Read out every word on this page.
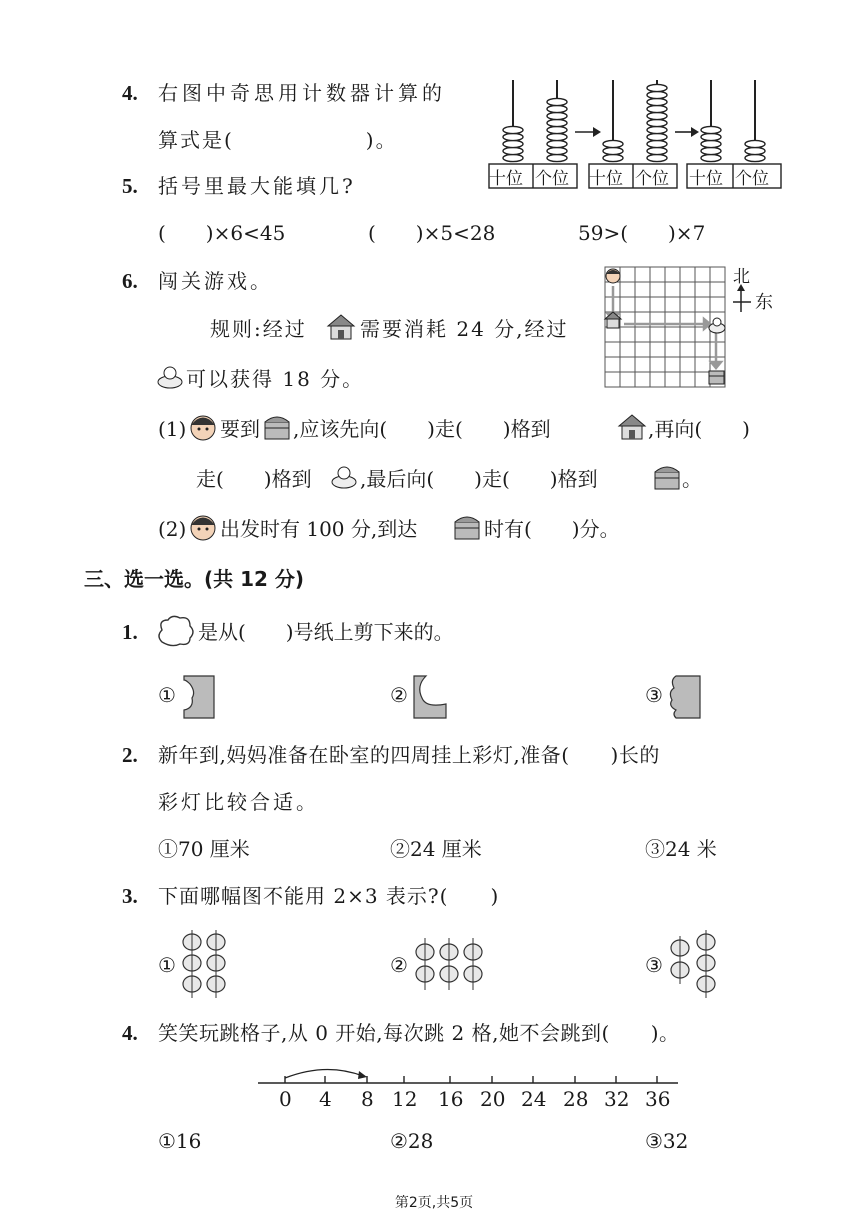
4. 右图中奇思用计数器计算的
算式是(　　　　　　)。
十位 个位 十位 个位 十位 个位
5. 括号里最大能填几?
(　　)×6<45	(　　)×5<28	59>(　　)×7
6. 闯关游戏。	北
东
规则:经过	需要消耗 24 分,经过
可以获得 18 分。
(1) 要到 ,应该先向(　　)走(　　)格到	,再向(　　)
走(　　)格到 ,最后向(　　)走(　　)格到	。
(2) 出发时有 100 分,到达	时有(　　)分。
三、选一选。(共 12 分)
1.	是从(　　)号纸上剪下来的。
①	②	③
2. 新年到,妈妈准备在卧室的四周挂上彩灯,准备(　　)长的
彩灯比较合适。
①70 厘米	②24 厘米	③24 米
3. 下面哪幅图不能用 2×3 表示?(　　)
①	②	③
4. 笑笑玩跳格子,从 0 开始,每次跳 2 格,她不会跳到(　　)。
0 4 8 12 16 20 24 28 32 36
①16	②28	③32
第2页,共5页
